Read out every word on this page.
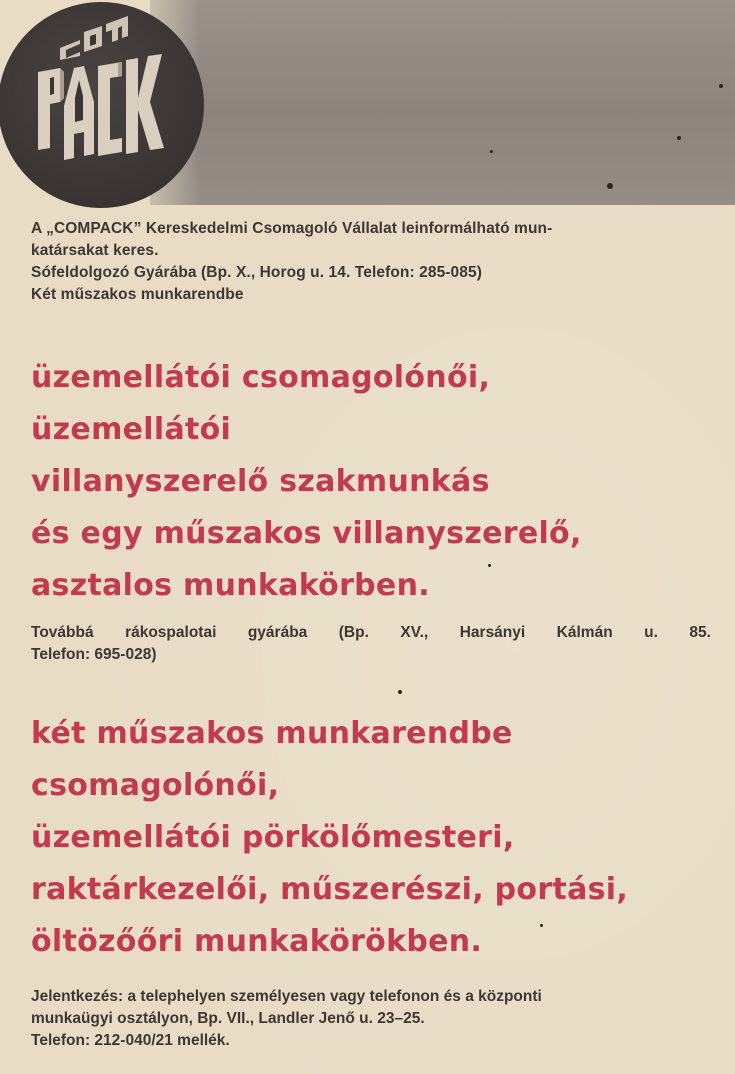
A „COMPACK” Kereskedelmi Csomagoló Vállalat leinformálható mun-
katársakat keres.
Sófeldolgozó Gyárába (Bp. X., Horog u. 14. Telefon: 285-085)
Két műszakos munkarendbe
üzemellátói csomagolónői,
üzemellátói
villanyszerelő szakmunkás
és egy műszakos villanyszerelő,
asztalos munkakörben.
Továbbá rákospalotai gyárába (Bp. XV., Harsányi Kálmán u. 85.
Telefon: 695-028)
két műszakos munkarendbe
csomagolónői,
üzemellátói pörkölőmesteri,
raktárkezelői, műszerészi, portási,
öltözőőri munkakörökben.
Jelentkezés: a telephelyen személyesen vagy telefonon és a központi
munkaügyi osztályon, Bp. VII., Landler Jenő u. 23–25.
Telefon: 212-040/21 mellék.
